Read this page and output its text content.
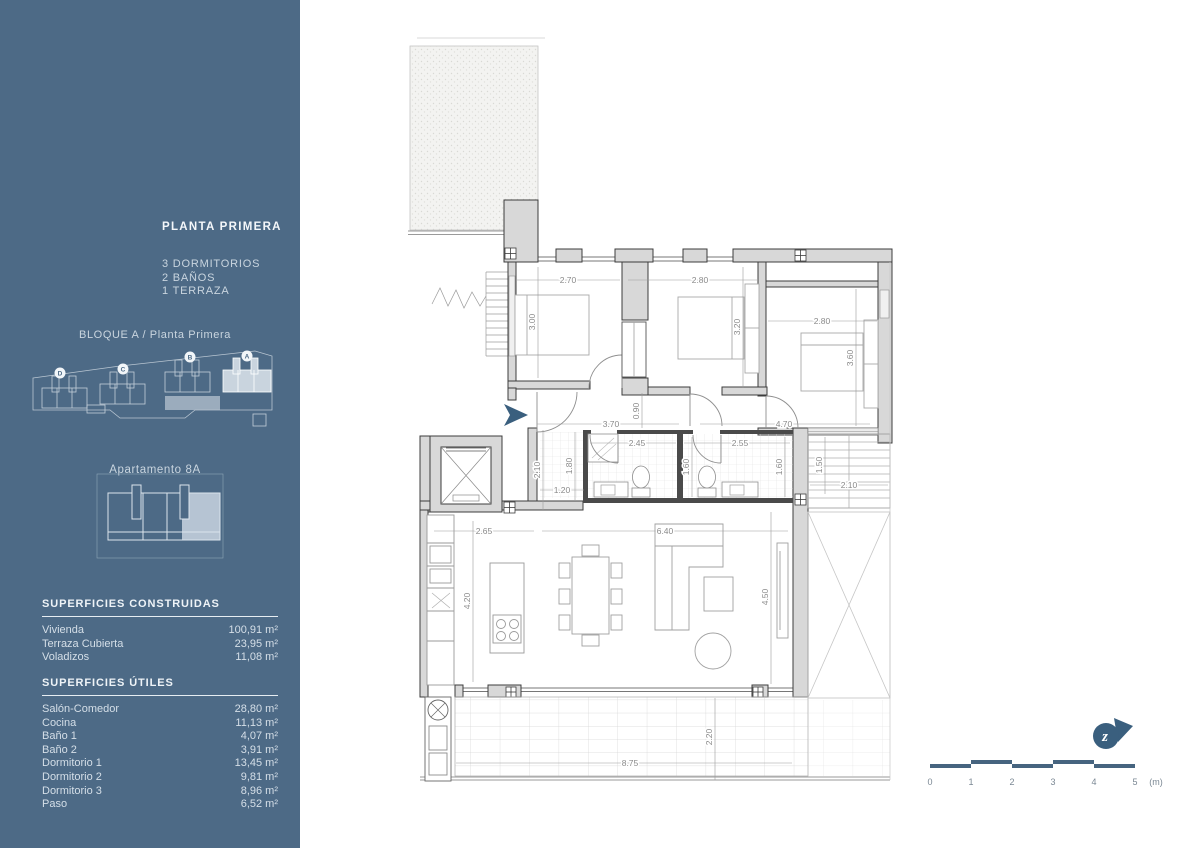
2.70	2.80
2.80
3.70	4.70
2.45	2.55
1.20	2.10
2.65	6.40
8.75
3.00	3.20
3.60
0.90
1.80	1.60	1.60
2.10	1.50
4.20	4.50
2.20
0	1	2	3	4	5 (m)
z
PLANTA PRIMERA
3 DORMITORIOS
2 BAÑOS
1 TERRAZA
BLOQUE A / Planta Primera
D
C
B	A
Apartamento 8A
SUPERFICIES CONSTRUIDAS
Vivienda	100,91 m²
Terraza Cubierta	23,95 m²
Voladizos	11,08 m²
SUPERFICIES ÚTILES
Salón-Comedor	28,80 m²
Cocina	11,13 m²
Baño 1	4,07 m²
Baño 2	3,91 m²
Dormitorio 1	13,45 m²
Dormitorio 2	9,81 m²
Dormitorio 3	8,96 m²
Paso	6,52 m²
